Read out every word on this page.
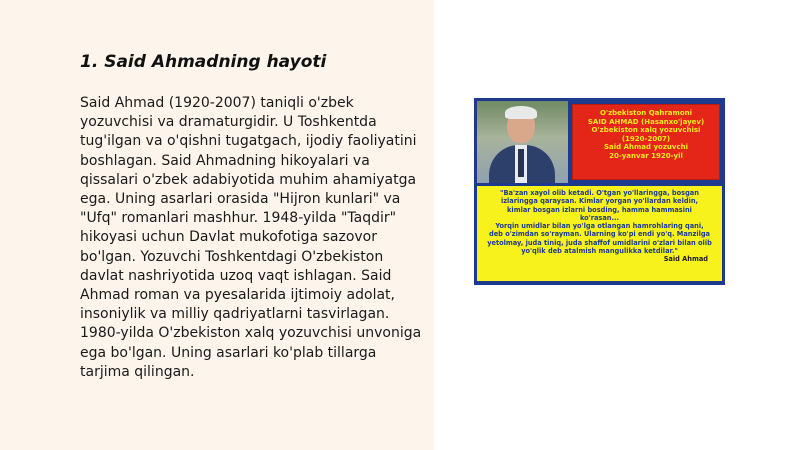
1. Said Ahmadning hayoti

Said Ahmad (1920-2007) taniqli o'zbek yozuvchisi va dramaturgidir. U Toshkentda tug'ilgan va o'qishni tugatgach, ijodiy faoliyatini boshlagan. Said Ahmadning hikoyalari va qissalari o'zbek adabiyotida muhim ahamiyatga ega. Uning asarlari orasida "Hijron kunlari" va "Ufq" romanlari mashhur. 1948-yilda "Taqdir" hikoyasi uchun Davlat mukofotiga sazovor bo'lgan. Yozuvchi Toshkentdagi O'zbekiston davlat nashriyotida uzoq vaqt ishlagan. Said Ahmad roman va pyesalarida ijtimoiy adolat, insoniylik va milliy qadriyatlarni tasvirlagan. 1980-yilda O'zbekiston xalq yozuvchisi unvoniga ega bo'lgan. Uning asarlari ko'plab tillarga tarjima qilingan.

O'zbekiston Qahramoni
SAID AHMAD (Hasanxo'jayev)
O'zbekiston xalq yozuvchisi
(1920-2007)
Said Ahmad yozuvchi
20-yanvar 1920-yil
"Ba'zan xayol olib ketadi. O'tgan yo'llaringga, bosgan
izlaringga qaraysan. Kimlar yorgan yo'llardan keldin,
kimlar bosgan izlarni bosding, hamma hammasini
ko'rasan...
Yorqin umidlar bilan yo'lga otlangan hamrohlaring qani,
deb o'zimdan so'rayman. Ularning ko'pi endi yo'q. Manzilga
yetolmay, juda tiniq, juda shaffof umidlarini o'zlari bilan olib
yo'qlik deb atalmish mangulikka ketdilar."
Said Ahmad
